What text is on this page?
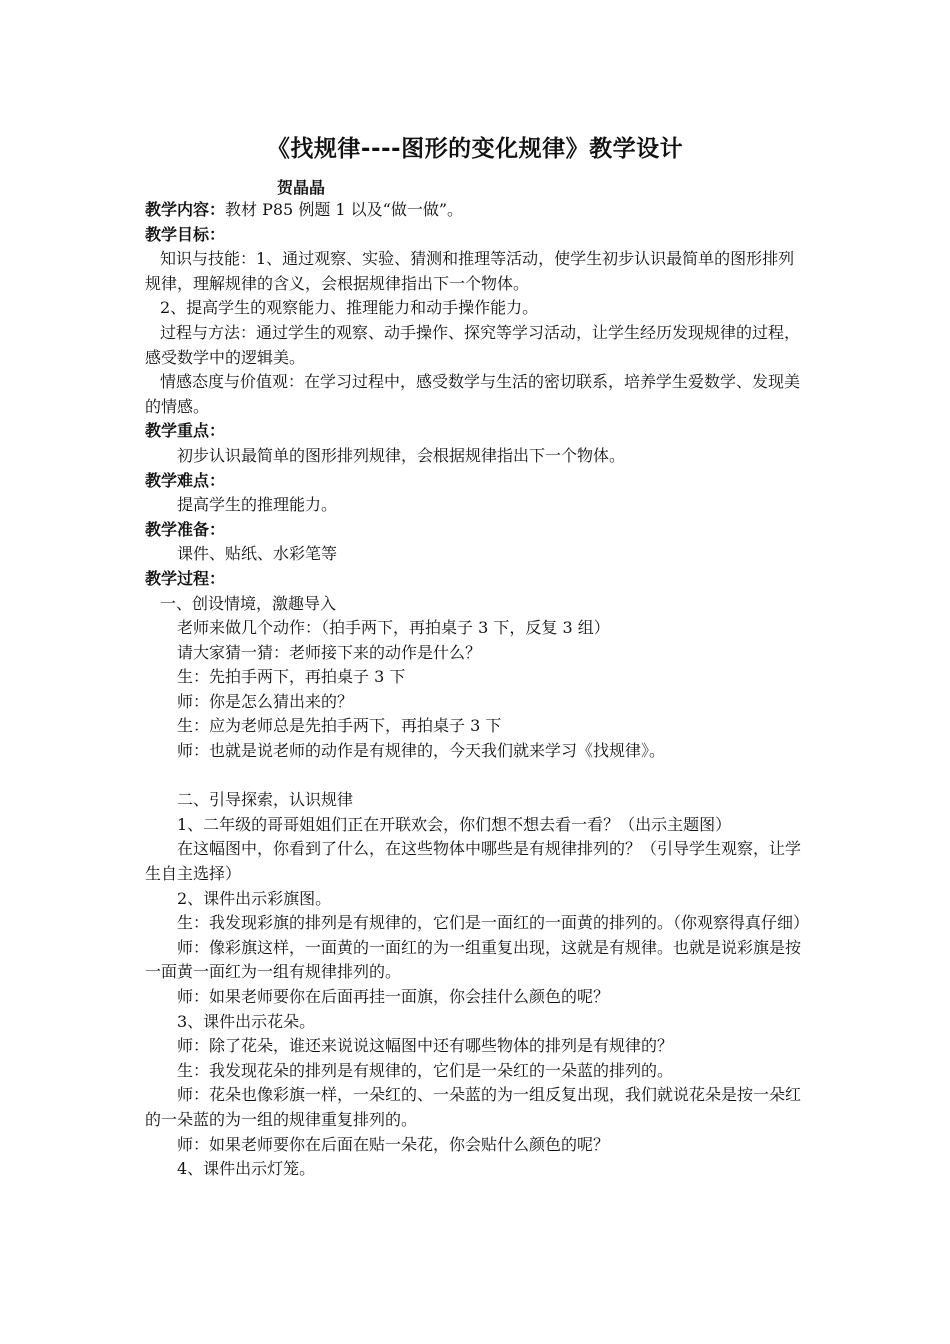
《找规律----图形的变化规律》教学设计
贺晶晶

教学内容：教材 P85 例题 1 以及“做一做”。

教学目标：

知识与技能：1、通过观察、实验、猜测和推理等活动，使学生初步认识最简单的图形排列规律，理解规律的含义，会根据规律指出下一个物体。

2、提高学生的观察能力、推理能力和动手操作能力。

过程与方法：通过学生的观察、动手操作、探究等学习活动，让学生经历发现规律的过程，感受数学中的逻辑美。

情感态度与价值观：在学习过程中，感受数学与生活的密切联系，培养学生爱数学、发现美的情感。

教学重点：

初步认识最简单的图形排列规律，会根据规律指出下一个物体。

教学难点：

提高学生的推理能力。

教学准备：

课件、贴纸、水彩笔等

教学过程：

一、创设情境，激趣导入

老师来做几个动作：（拍手两下，再拍桌子 3 下，反复 3 组）

请大家猜一猜：老师接下来的动作是什么？

生：先拍手两下，再拍桌子 3 下

师：你是怎么猜出来的？

生：应为老师总是先拍手两下，再拍桌子 3 下

师：也就是说老师的动作是有规律的，今天我们就来学习《找规律》。

二、引导探索，认识规律

1、二年级的哥哥姐姐们正在开联欢会，你们想不想去看一看？（出示主题图）

在这幅图中，你看到了什么，在这些物体中哪些是有规律排列的？（引导学生观察，让学生自主选择）

2、课件出示彩旗图。

生：我发现彩旗的排列是有规律的，它们是一面红的一面黄的排列的。（你观察得真仔细）

师：像彩旗这样，一面黄的一面红的为一组重复出现，这就是有规律。也就是说彩旗是按一面黄一面红为一组有规律排列的。

师：如果老师要你在后面再挂一面旗，你会挂什么颜色的呢？

3、课件出示花朵。

师：除了花朵，谁还来说说这幅图中还有哪些物体的排列是有规律的？

生：我发现花朵的排列是有规律的，它们是一朵红的一朵蓝的排列的。

师：花朵也像彩旗一样，一朵红的、一朵蓝的为一组反复出现，我们就说花朵是按一朵红的一朵蓝的为一组的规律重复排列的。

师：如果老师要你在后面在贴一朵花，你会贴什么颜色的呢？

4、课件出示灯笼。
